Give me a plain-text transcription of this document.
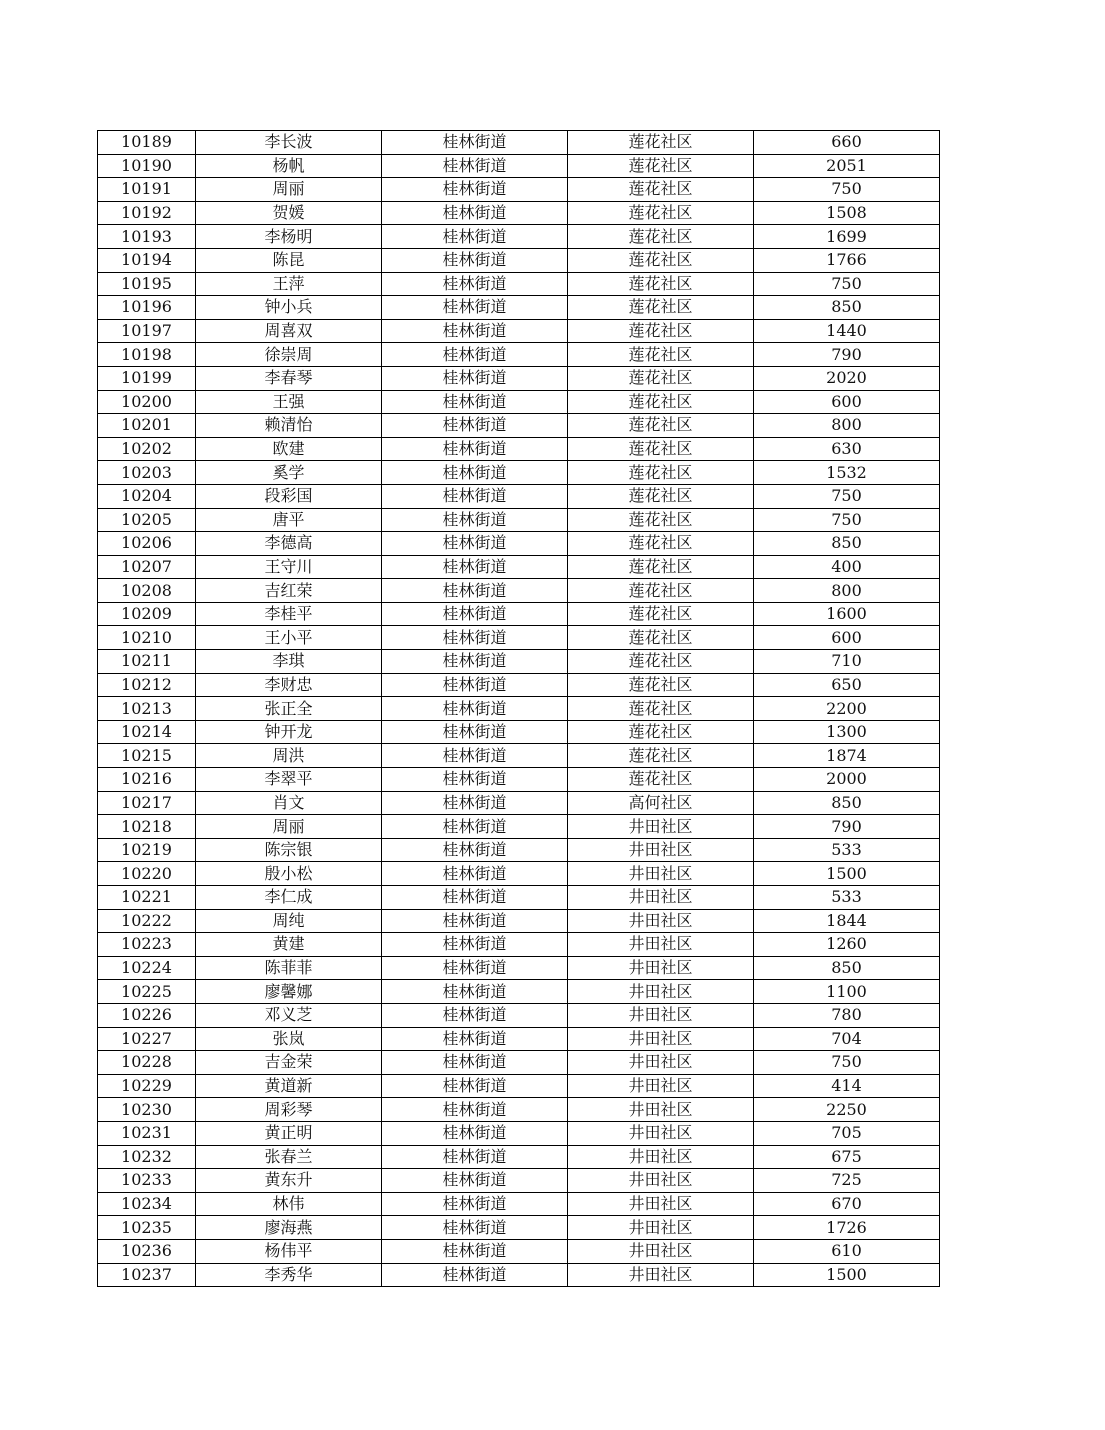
10189	李长波	桂林街道	莲花社区	660
10190	杨帆	桂林街道	莲花社区	2051
10191	周丽	桂林街道	莲花社区	750
10192	贺媛	桂林街道	莲花社区	1508
10193	李杨明	桂林街道	莲花社区	1699
10194	陈昆	桂林街道	莲花社区	1766
10195	王萍	桂林街道	莲花社区	750
10196	钟小兵	桂林街道	莲花社区	850
10197	周喜双	桂林街道	莲花社区	1440
10198	徐崇周	桂林街道	莲花社区	790
10199	李春琴	桂林街道	莲花社区	2020
10200	王强	桂林街道	莲花社区	600
10201	赖清怡	桂林街道	莲花社区	800
10202	欧建	桂林街道	莲花社区	630
10203	奚学	桂林街道	莲花社区	1532
10204	段彩国	桂林街道	莲花社区	750
10205	唐平	桂林街道	莲花社区	750
10206	李德高	桂林街道	莲花社区	850
10207	王守川	桂林街道	莲花社区	400
10208	吉红荣	桂林街道	莲花社区	800
10209	李桂平	桂林街道	莲花社区	1600
10210	王小平	桂林街道	莲花社区	600
10211	李琪	桂林街道	莲花社区	710
10212	李财忠	桂林街道	莲花社区	650
10213	张正全	桂林街道	莲花社区	2200
10214	钟开龙	桂林街道	莲花社区	1300
10215	周洪	桂林街道	莲花社区	1874
10216	李翠平	桂林街道	莲花社区	2000
10217	肖文	桂林街道	高何社区	850
10218	周丽	桂林街道	井田社区	790
10219	陈宗银	桂林街道	井田社区	533
10220	殷小松	桂林街道	井田社区	1500
10221	李仁成	桂林街道	井田社区	533
10222	周纯	桂林街道	井田社区	1844
10223	黄建	桂林街道	井田社区	1260
10224	陈菲菲	桂林街道	井田社区	850
10225	廖馨娜	桂林街道	井田社区	1100
10226	邓义芝	桂林街道	井田社区	780
10227	张岚	桂林街道	井田社区	704
10228	吉金荣	桂林街道	井田社区	750
10229	黄道新	桂林街道	井田社区	414
10230	周彩琴	桂林街道	井田社区	2250
10231	黄正明	桂林街道	井田社区	705
10232	张春兰	桂林街道	井田社区	675
10233	黄东升	桂林街道	井田社区	725
10234	林伟	桂林街道	井田社区	670
10235	廖海燕	桂林街道	井田社区	1726
10236	杨伟平	桂林街道	井田社区	610
10237	李秀华	桂林街道	井田社区	1500
